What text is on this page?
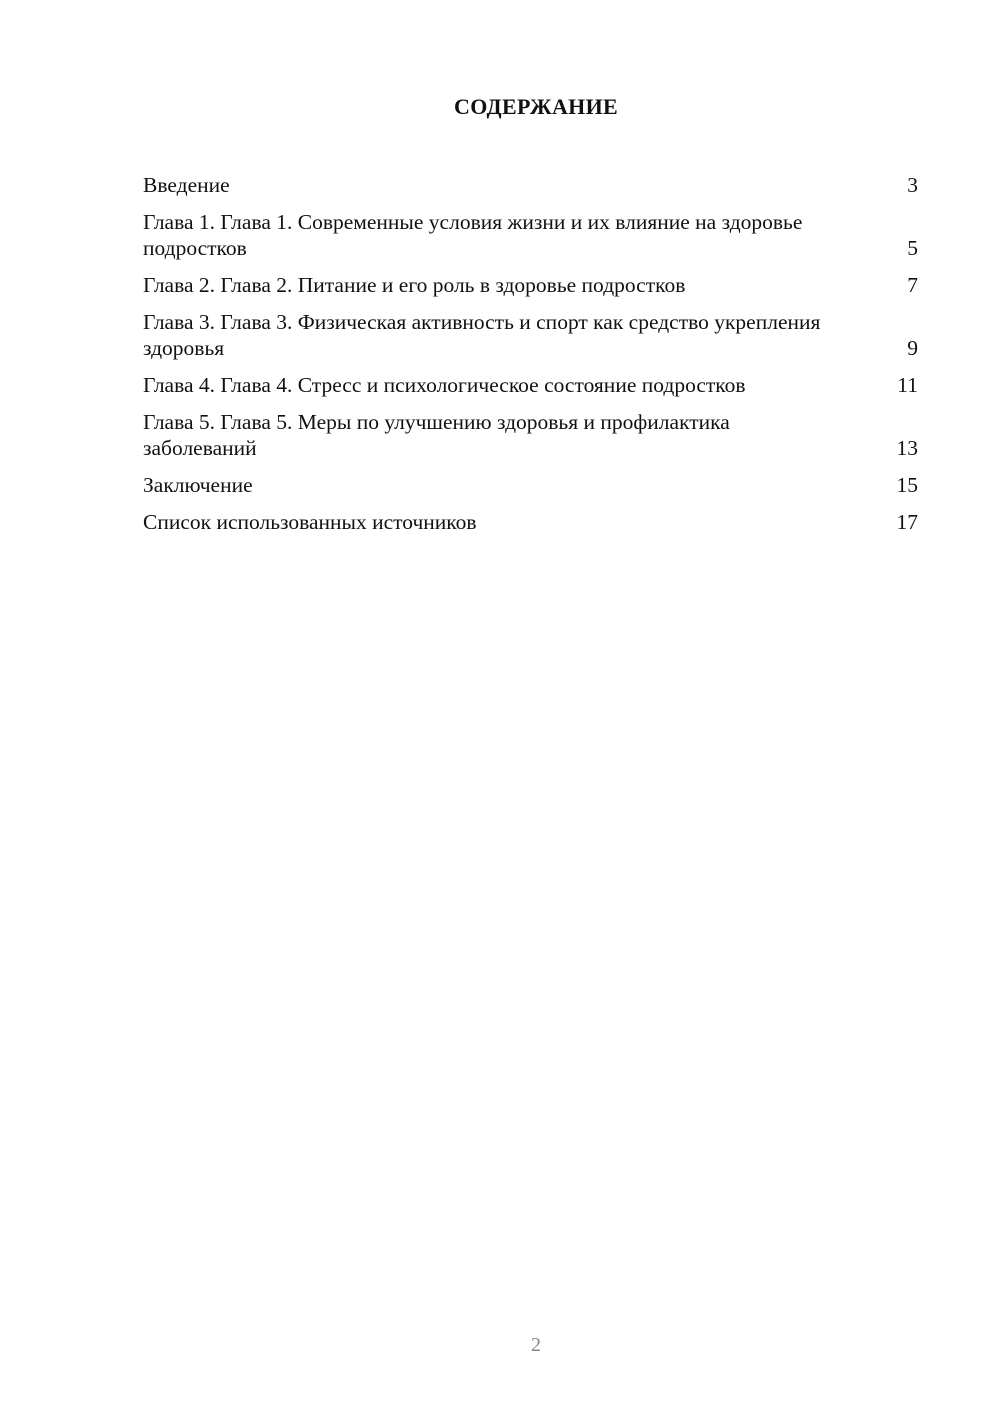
СОДЕРЖАНИЕ
Введение	3
Глава 1. Глава 1. Современные условия жизни и их влияние на здоровье подростков	5
Глава 2. Глава 2. Питание и его роль в здоровье подростков	7
Глава 3. Глава 3. Физическая активность и спорт как средство укрепления здоровья	9
Глава 4. Глава 4. Стресс и психологическое состояние подростков	11
Глава 5. Глава 5. Меры по улучшению здоровья и профилактика заболеваний	13
Заключение	15
Список использованных источников	17
2
